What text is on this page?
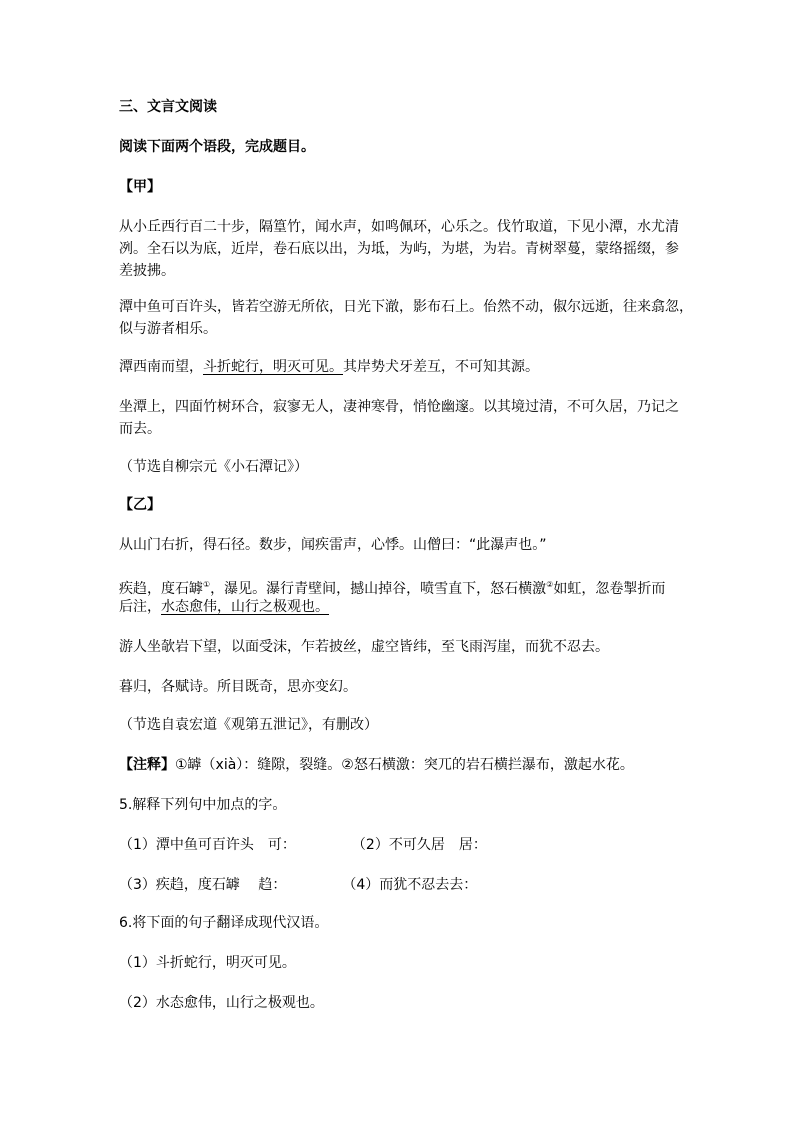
三、文言文阅读
阅读下面两个语段，完成题目。
【甲】
从小丘西行百二十步，隔篁竹，闻水声，如鸣佩环，心乐之。伐竹取道，下见小潭，水尤清
冽。全石以为底，近岸，卷石底以出，为坻，为屿，为堪，为岩。青树翠蔓，蒙络摇缀，参
差披拂。
潭中鱼可百许头，皆若空游无所依，日光下澈，影布石上。佁然不动，俶尔远逝，往来翕忽，
似与游者相乐。
潭西南而望，斗折蛇行，明灭可见。其岸势犬牙差互，不可知其源。
坐潭上，四面竹树环合，寂寥无人，凄神寒骨，悄怆幽邃。以其境过清，不可久居，乃记之
而去。
（节选自柳宗元《小石潭记》）
【乙】
从山门右折，得石径。数步，闻疾雷声，心悸。山僧曰：“此瀑声也。”
疾趋，度石罅①，瀑见。瀑行青壁间，撼山掉谷，喷雪直下，怒石横激②如虹，忽卷掣折而
后注，水态愈伟，山行之极观也。
游人坐欹岩下望，以面受沫，乍若披丝，虚空皆纬，至飞雨泻崖，而犹不忍去。
暮归，各赋诗。所目既奇，思亦变幻。
（节选自袁宏道《观第五泄记》，有删改）
【注释】①罅（xià）：缝隙，裂缝。②怒石横激：突兀的岩石横拦瀑布，激起水花。
5.解释下列句中加点的字。
（1）潭中鱼可百许头　可：	（2）不可久居　居：
（3）疾趋，度石罅　 趋：	（4）而犹不忍去去：
6.将下面的句子翻译成现代汉语。
（1）斗折蛇行，明灭可见。
（2）水态愈伟，山行之极观也。
